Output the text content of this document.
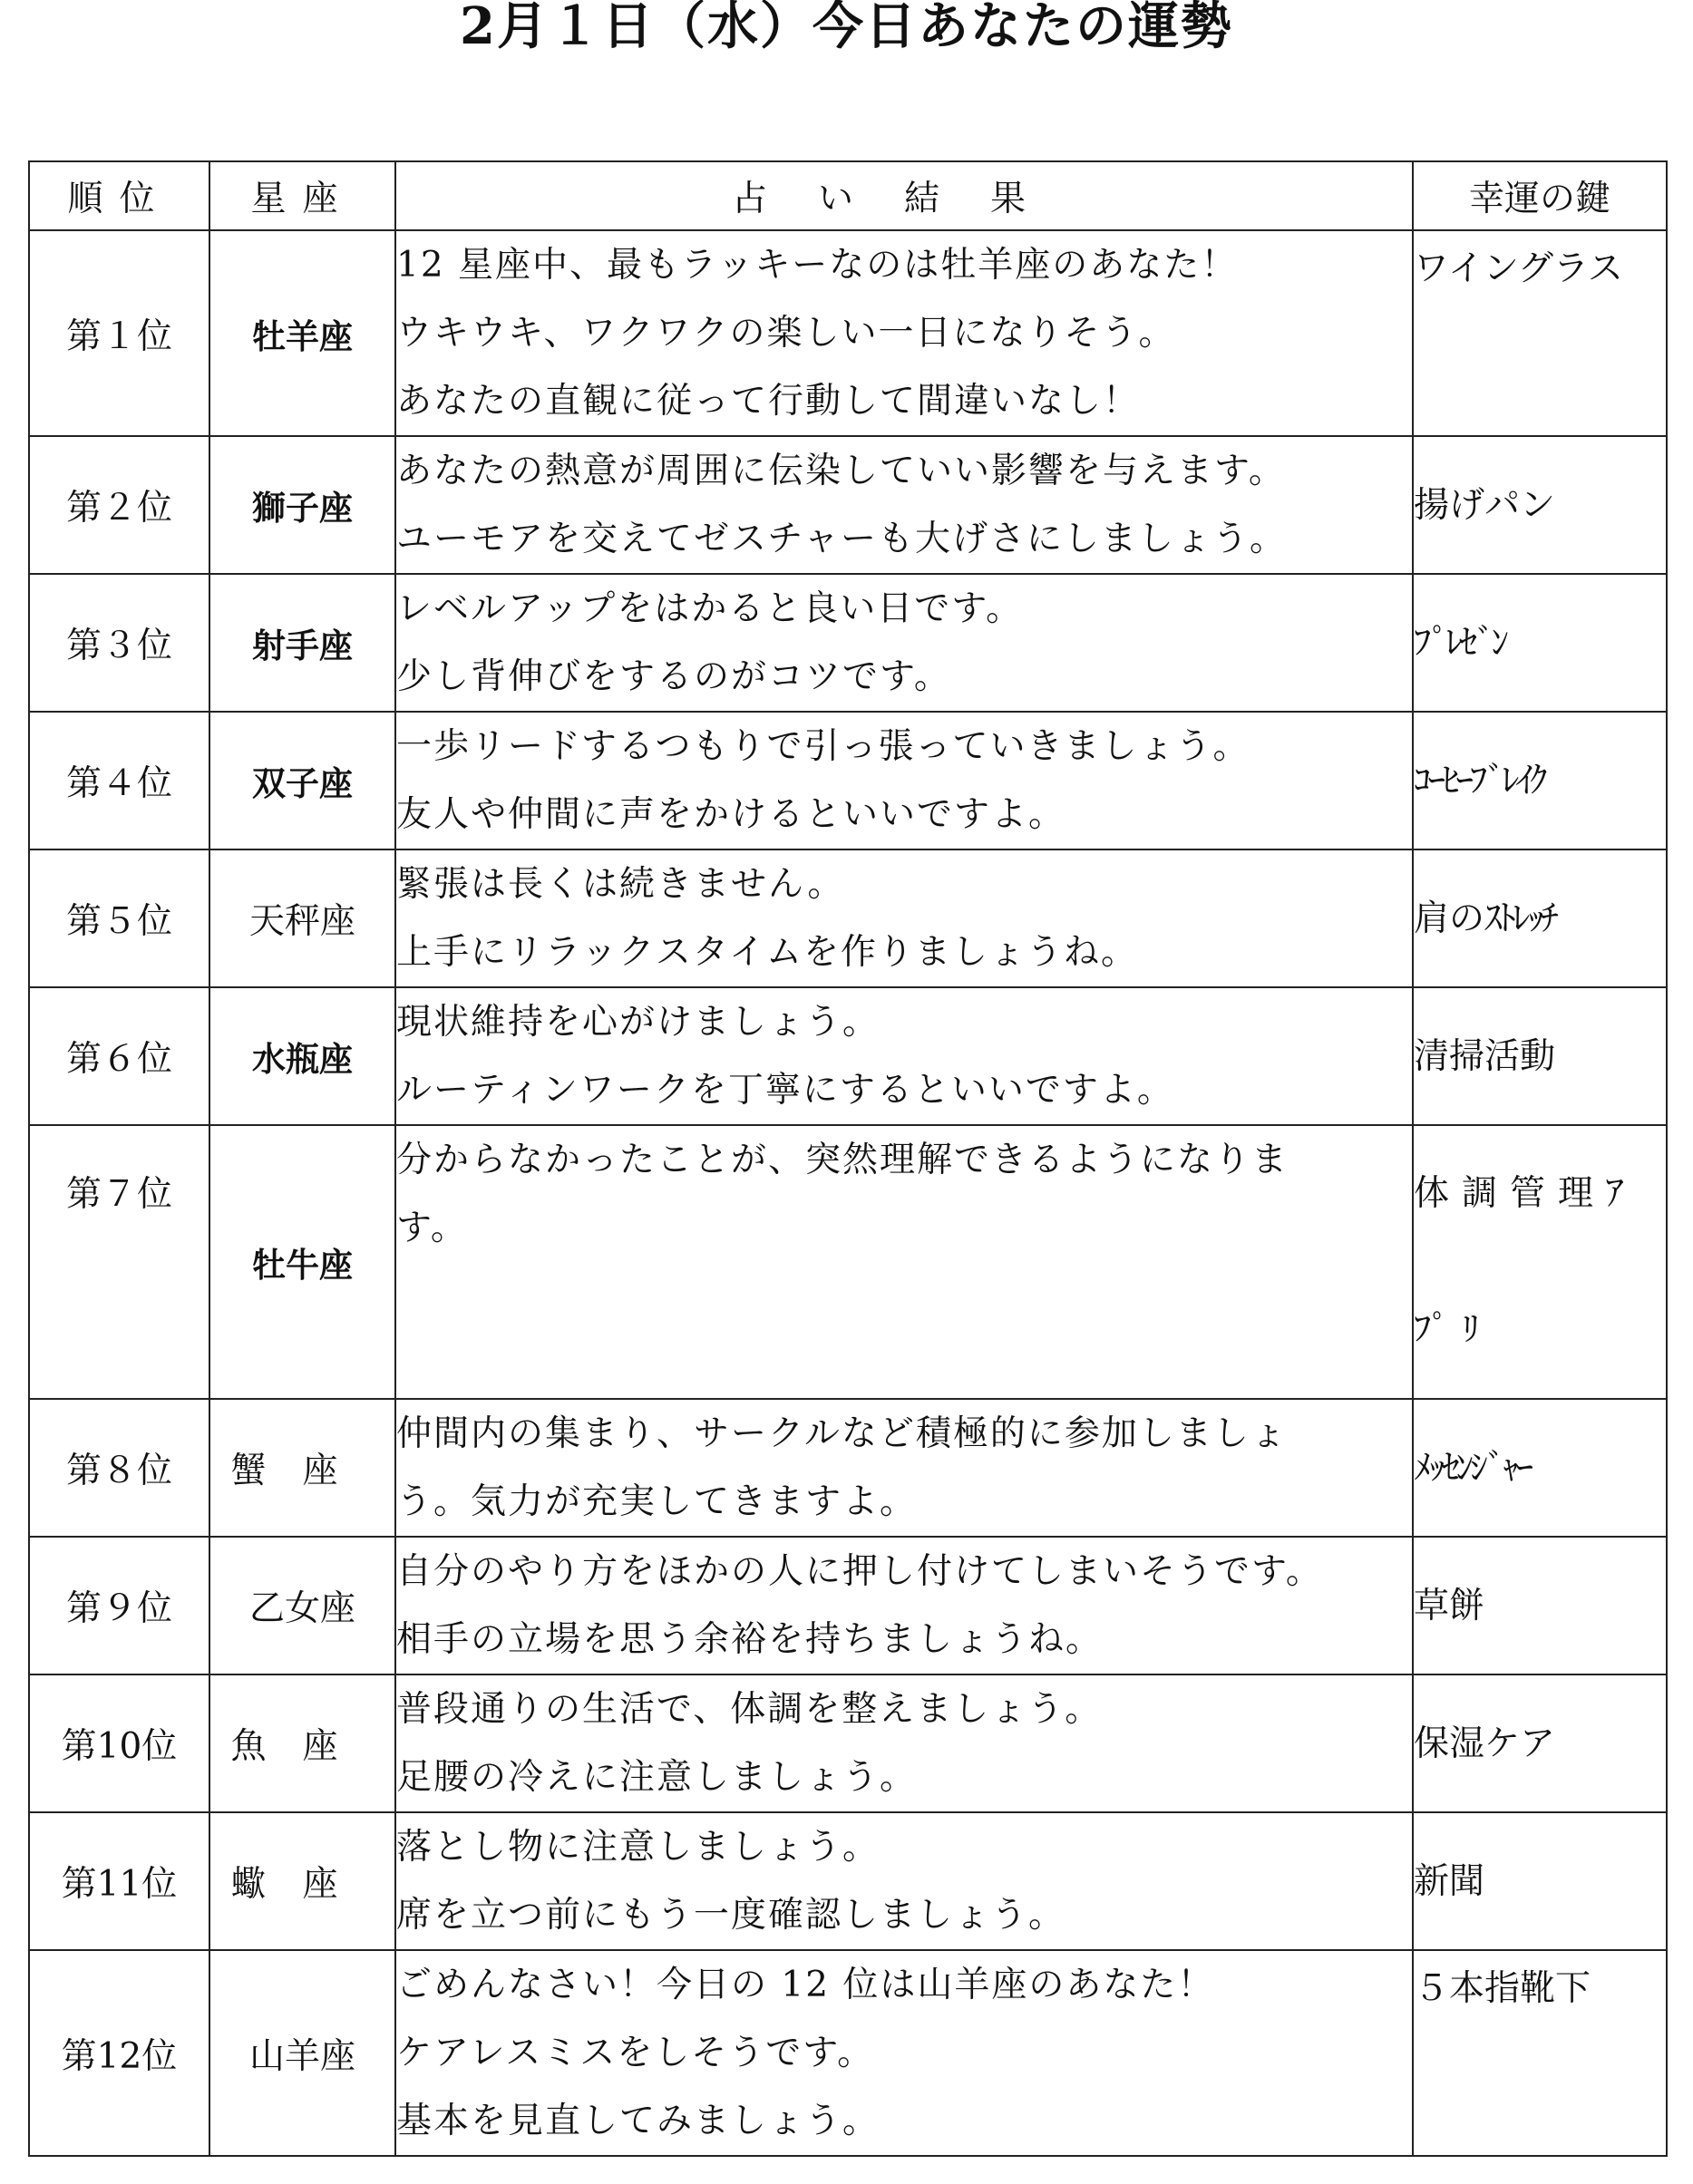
2月１日（水）今日あなたの運勢
順位	星座	占い結果	幸運の鍵
第１位	牡羊座	12 星座中、最もラッキーなのは牡羊座のあなた！
ウキウキ、ワクワクの楽しい一日になりそう。
あなたの直観に従って行動して間違いなし！	ワイングラス
第２位	獅子座	あなたの熱意が周囲に伝染していい影響を与えます。
ユーモアを交えてゼスチャーも大げさにしましょう。	揚げパン
第３位	射手座	レベルアップをはかると良い日です。
少し背伸びをするのがコツです。	ﾌﾟﾚｾﾞﾝ
第４位	双子座	一歩リードするつもりで引っ張っていきましょう。
友人や仲間に声をかけるといいですよ。	ｺｰﾋｰﾌﾞﾚｲｸ
第５位	天秤座	緊張は長くは続きません。
上手にリラックスタイムを作りましょうね。	肩のｽﾄﾚｯﾁ
第６位	水瓶座	現状維持を心がけましょう。
ルーティンワークを丁寧にするといいですよ。	清掃活動
第７位	牡牛座	分からなかったことが、突然理解できるようになりま
す。	体調管理ｱﾌﾟﾘ
第８位	蟹座	仲間内の集まり、サークルなど積極的に参加しましょ
う。気力が充実してきますよ。	ﾒｯｾﾝｼﾞｬｰ
第９位	乙女座	自分のやり方をほかの人に押し付けてしまいそうです。
相手の立場を思う余裕を持ちましょうね。	草餅
第10位	魚座	普段通りの生活で、体調を整えましょう。
足腰の冷えに注意しましょう。	保湿ケア
第11位	蠍座	落とし物に注意しましょう。
席を立つ前にもう一度確認しましょう。	新聞
第12位	山羊座	ごめんなさい！今日の 12 位は山羊座のあなた！
ケアレスミスをしそうです。
基本を見直してみましょう。	５本指靴下
